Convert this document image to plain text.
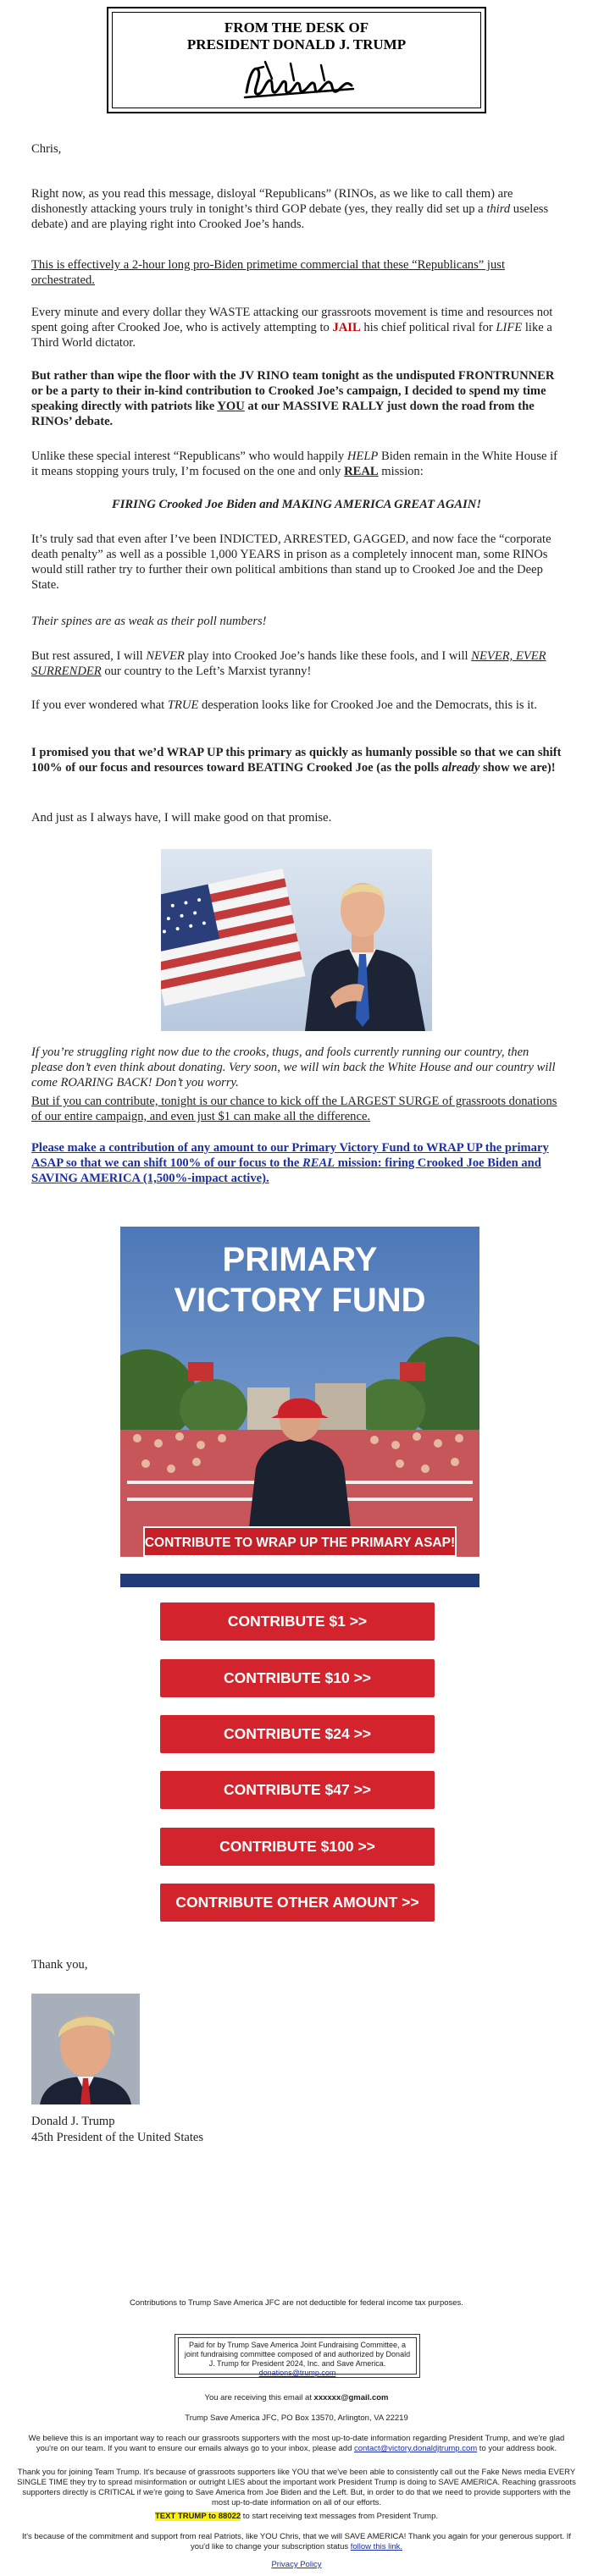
FROM THE DESK OF
PRESIDENT DONALD J. TRUMP

Chris,

Right now, as you read this message, disloyal “Republicans” (RINOs, as we like to call them) are dishonestly attacking yours truly in tonight’s third GOP debate (yes, they really did set up a third useless debate) and are playing right into Crooked Joe’s hands.

This is effectively a 2-hour long pro-Biden primetime commercial that these “Republicans” just orchestrated.

Every minute and every dollar they WASTE attacking our grassroots movement is time and resources not spent going after Crooked Joe, who is actively attempting to JAIL his chief political rival for LIFE like a Third World dictator.

But rather than wipe the floor with the JV RINO team tonight as the undisputed FRONTRUNNER or be a party to their in-kind contribution to Crooked Joe’s campaign, I decided to spend my time speaking directly with patriots like YOU at our MASSIVE RALLY just down the road from the RINOs’ debate.

Unlike these special interest “Republicans” who would happily HELP Biden remain in the White House if it means stopping yours truly, I’m focused on the one and only REAL mission:

FIRING Crooked Joe Biden and MAKING AMERICA GREAT AGAIN!

It’s truly sad that even after I’ve been INDICTED, ARRESTED, GAGGED, and now face the “corporate death penalty” as well as a possible 1,000 YEARS in prison as a completely innocent man, some RINOs would still rather try to further their own political ambitions than stand up to Crooked Joe and the Deep State.

Their spines are as weak as their poll numbers!

But rest assured, I will NEVER play into Crooked Joe’s hands like these fools, and I will NEVER, EVER SURRENDER our country to the Left’s Marxist tyranny!

If you ever wondered what TRUE desperation looks like for Crooked Joe and the Democrats, this is it.

I promised you that we’d WRAP UP this primary as quickly as humanly possible so that we can shift 100% of our focus and resources toward BEATING Crooked Joe (as the polls already show we are)!

And just as I always have, I will make good on that promise.

If you’re struggling right now due to the crooks, thugs, and fools currently running our country, then please don’t even think about donating. Very soon, we will win back the White House and our country will come ROARING BACK! Don’t you worry.

But if you can contribute, tonight is our chance to kick off the LARGEST SURGE of grassroots donations of our entire campaign, and even just $1 can make all the difference.

Please make a contribution of any amount to our Primary Victory Fund to WRAP UP the primary ASAP so that we can shift 100% of our focus to the REAL mission: firing Crooked Joe Biden and SAVING AMERICA (1,500%-impact active).

PRIMARY
VICTORY FUND
CONTRIBUTE TO WRAP UP THE PRIMARY ASAP!
CONTRIBUTE $1 >>
CONTRIBUTE $10 >>
CONTRIBUTE $24 >>
CONTRIBUTE $47 >>
CONTRIBUTE $100 >>
CONTRIBUTE OTHER AMOUNT >>

Thank you,

Donald J. Trump

45th President of the United States

Contributions to Trump Save America JFC are not deductible for federal income tax purposes.

Paid for by Trump Save America Joint Fundraising Committee, a joint fundraising committee composed of and authorized by Donald J. Trump for President 2024, Inc. and Save America.
donations@trump.com

You are receiving this email at xxxxxx@gmail.com

Trump Save America JFC, PO Box 13570, Arlington, VA 22219

We believe this is an important way to reach our grassroots supporters with the most up-to-date information regarding President Trump, and we're glad you're on our team. If you want to ensure our emails always go to your inbox, please add contact@victory.donaldjtrump.com to your address book.

Thank you for joining Team Trump. It's because of grassroots supporters like YOU that we've been able to consistently call out the Fake News media EVERY SINGLE TIME they try to spread misinformation or outright LIES about the important work President Trump is doing to SAVE AMERICA. Reaching grassroots supporters directly is CRITICAL if we're going to Save America from Joe Biden and the Left. But, in order to do that we need to provide supporters with the most up-to-date information on all of our efforts.

TEXT TRUMP to 88022 to start receiving text messages from President Trump.

It's because of the commitment and support from real Patriots, like YOU Chris, that we will SAVE AMERICA! Thank you again for your generous support. If you'd like to change your subscription status follow this link.

Privacy Policy
